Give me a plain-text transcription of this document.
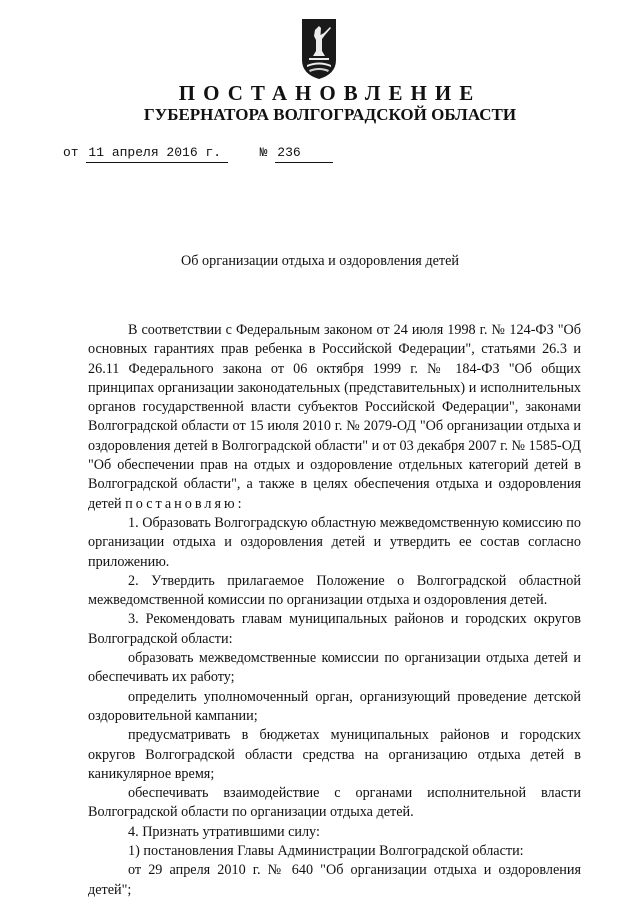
ПОСТАНОВЛЕНИЕ
ГУБЕРНАТОРА ВОЛГОГРАДСКОЙ ОБЛАСТИ
от 11 апреля 2016 г.	№ 236
Об организации отдыха и оздоровления детей

В соответствии с Федеральным законом от 24 июля 1998 г. № 124-ФЗ "Об основных гарантиях прав ребенка в Российской Федерации", статьями 26.3 и 26.11 Федерального закона от 06 октября 1999 г. № 184-ФЗ "Об общих принципах организации законодательных (представительных) и исполнительных органов государственной власти субъектов Российской Федерации", законами Волгоградской области от 15 июля 2010 г. № 2079-ОД "Об организации отдыха и оздоровления детей в Волгоградской области" и от 03 декабря 2007 г. № 1585-ОД "Об обеспечении прав на отдых и оздоровление отдельных категорий детей в Волгоградской области", а также в целях обеспечения отдыха и оздоровления детей постановляю:

1. Образовать Волгоградскую областную межведомственную комиссию по организации отдыха и оздоровления детей и утвердить ее состав согласно приложению.

2. Утвердить прилагаемое Положение о Волгоградской областной межведомственной комиссии по организации отдыха и оздоровления детей.

3. Рекомендовать главам муниципальных районов и городских округов Волгоградской области:

образовать межведомственные комиссии по организации отдыха детей и обеспечивать их работу;

определить уполномоченный орган, организующий проведение детской оздоровительной кампании;

предусматривать в бюджетах муниципальных районов и городских округов Волгоградской области средства на организацию отдыха детей в каникулярное время;

обеспечивать взаимодействие с органами исполнительной власти Волгоградской области по организации отдыха детей.

4. Признать утратившими силу:

1) постановления Главы Администрации Волгоградской области:

от 29 апреля 2010 г. № 640 "Об организации отдыха и оздоровления детей";
